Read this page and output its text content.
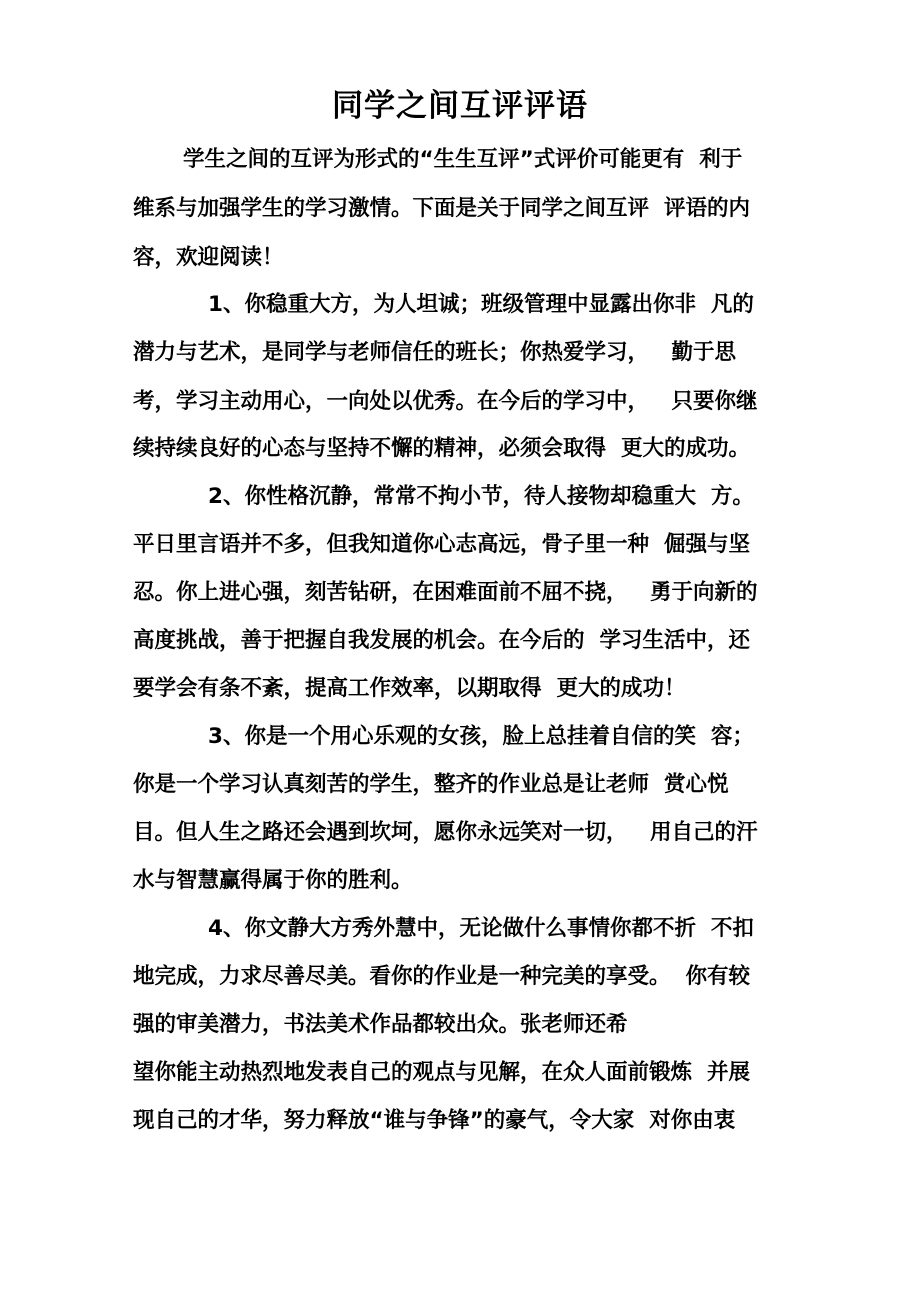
同学之间互评评语
学生之间的互评为形式的“生生互评”式评价可能更有  利于
维系与加强学生的学习激情。下面是关于同学之间互评  评语的内
容，欢迎阅读！
1、你稳重大方，为人坦诚；班级管理中显露出你非  凡的
潜力与艺术，是同学与老师信任的班长；你热爱学习，   勤于思
考，学习主动用心，一向处以优秀。在今后的学习中，   只要你继
续持续良好的心态与坚持不懈的精神，必须会取得  更大的成功。
2、你性格沉静，常常不拘小节，待人接物却稳重大  方。
平日里言语并不多，但我知道你心志高远，骨子里一种  倔强与坚
忍。你上进心强，刻苦钻研，在困难面前不屈不挠，   勇于向新的
高度挑战，善于把握自我发展的机会。在今后的  学习生活中，还
要学会有条不紊，提高工作效率，以期取得  更大的成功！
3、你是一个用心乐观的女孩，脸上总挂着自信的笑  容；
你是一个学习认真刻苦的学生，整齐的作业总是让老师  赏心悦
目。但人生之路还会遇到坎坷，愿你永远笑对一切，   用自己的汗
水与智慧赢得属于你的胜利。
4、你文静大方秀外慧中，无论做什么事情你都不折  不扣
地完成，力求尽善尽美。看你的作业是一种完美的享受。  你有较
强的审美潜力，书法美术作品都较出众。张老师还希
望你能主动热烈地发表自己的观点与见解，在众人面前锻炼  并展
现自己的才华，努力释放“谁与争锋”的豪气，令大家  对你由衷
